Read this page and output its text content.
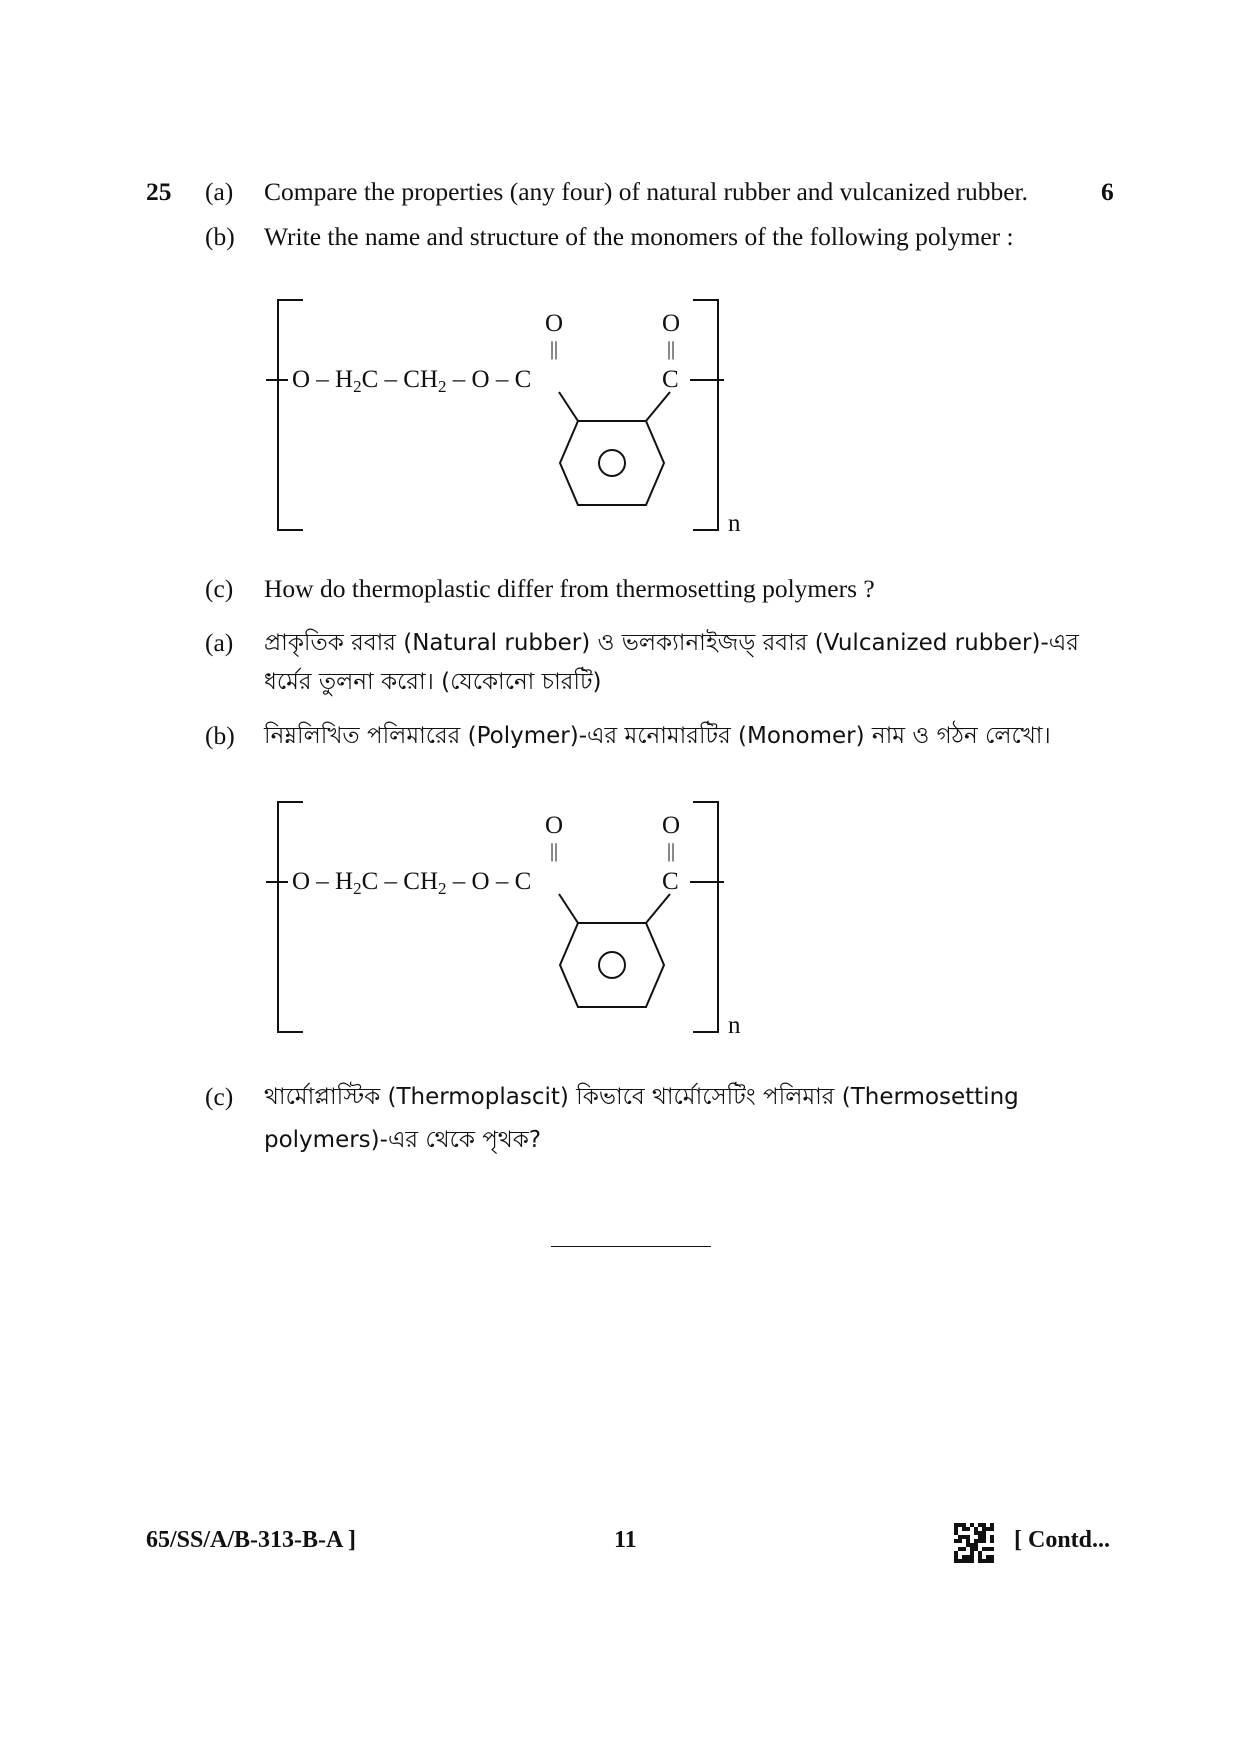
25 (a) Compare the properties (any four) of natural rubber and vulcanized rubber.	6
(b) Write the name and structure of the monomers of the following polymer :
O – $H_2C - CH_2$ – O – C
O
||
O
||
C
n
(c) How do thermoplastic differ from thermosetting polymers ?
(a) প্রাকৃতিক রবার (Natural rubber) ও ভলক্যানাইজড্ রবার (Vulcanized rubber)-এর
ধর্মের তুলনা করো। (যেকোনো চারটি)
(b) নিম্নলিখিত পলিমারের (Polymer)-এর মনোমারটির (Monomer) নাম ও গঠন লেখো।
O – $H_2C - CH_2$ – O – C
O
||
O
||
C
n
(c) থার্মোপ্লাস্টিক (Thermoplascit) কিভাবে থার্মোসেটিং পলিমার (Thermosetting
polymers)-এর থেকে পৃথক?
65/SS/A/B-313-B-A ]	11	[ Contd...
